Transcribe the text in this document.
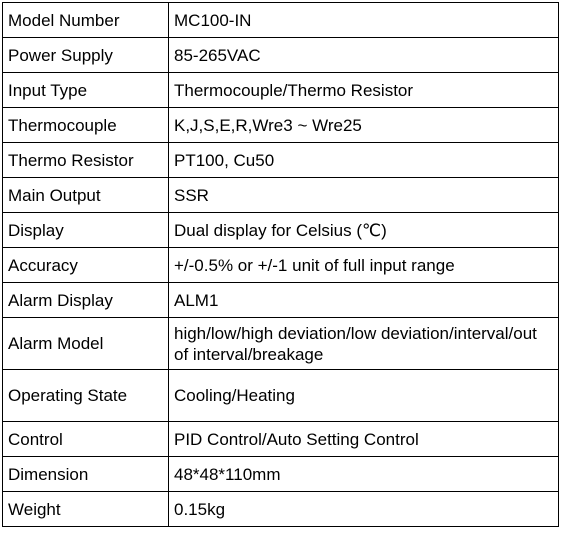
Model Number	MC100-IN
Power Supply	85-265VAC
Input Type	Thermocouple/Thermo Resistor
Thermocouple	K,J,S,E,R,Wre3 ~ Wre25
Thermo Resistor	PT100, Cu50
Main Output	SSR
Display	Dual display for Celsius (℃)
Accuracy	+/-0.5% or +/-1 unit of full input range
Alarm Display	ALM1
Alarm Model	high/low/high deviation/low deviation/interval/out of interval/breakage
Operating State	Cooling/Heating
Control	PID Control/Auto Setting Control
Dimension	48*48*110mm
Weight	0.15kg
